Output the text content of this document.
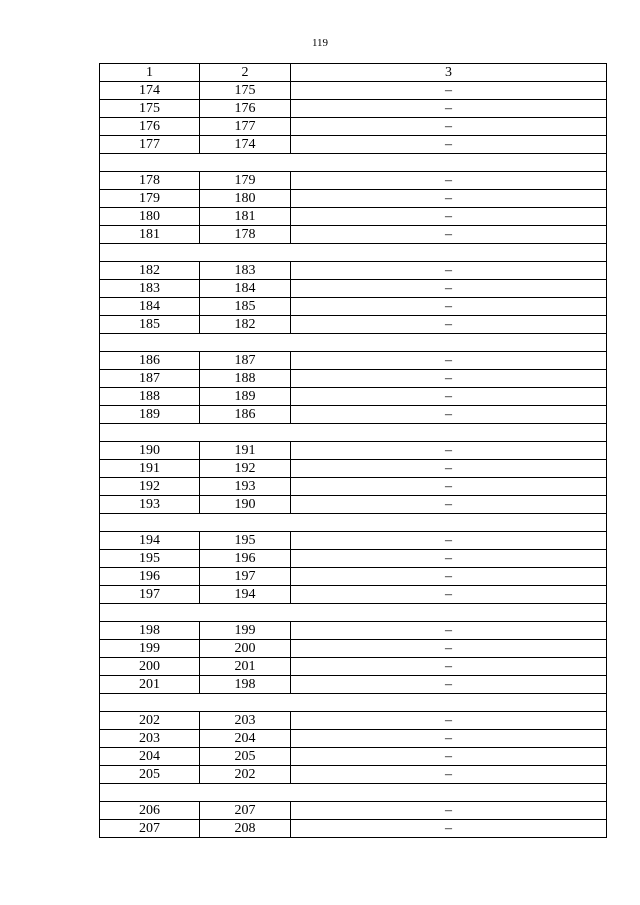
119
1	2	3
174	175	–
175	176	–
176	177	–
177	174	–

178	179	–
179	180	–
180	181	–
181	178	–

182	183	–
183	184	–
184	185	–
185	182	–

186	187	–
187	188	–
188	189	–
189	186	–

190	191	–
191	192	–
192	193	–
193	190	–

194	195	–
195	196	–
196	197	–
197	194	–

198	199	–
199	200	–
200	201	–
201	198	–

202	203	–
203	204	–
204	205	–
205	202	–

206	207	–
207	208	–
